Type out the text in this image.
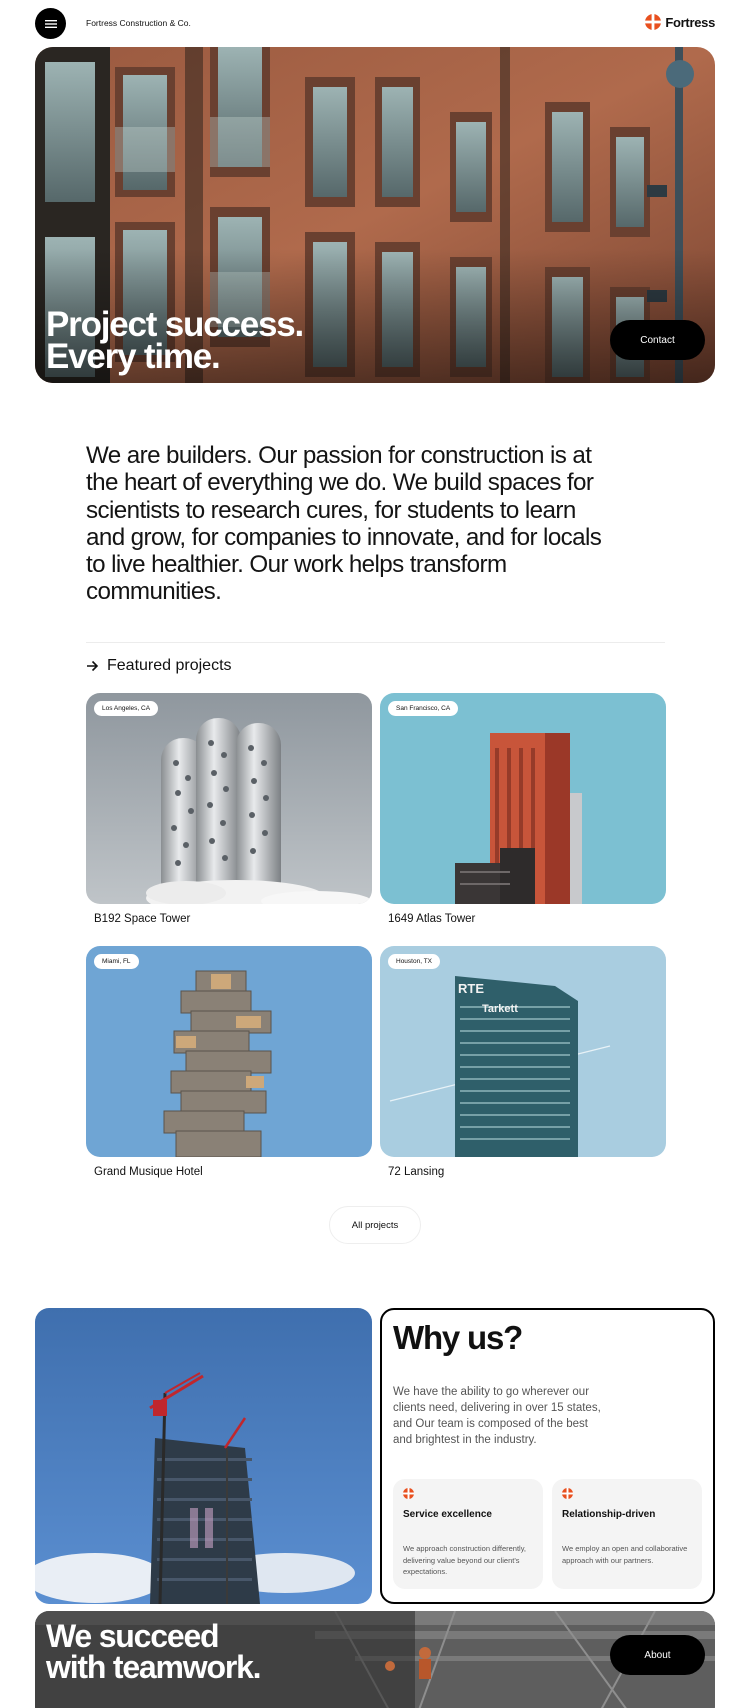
Fortress Construction & Co.	Fortress
Project success.
Every time.	Contact

We are builders. Our passion for construction is at the heart of everything we do. We build spaces for scientists to research cures, for students to learn and grow, for companies to innovate, and for locals to live healthier. Our work helps transform communities.

Featured projects
Los Angeles, CA
B192 Space Tower
San Francisco, CA
1649 Atlas Tower
Miami, FL
Grand Musique Hotel
RTE
Tarkett
Houston, TX
72 Lansing
All projects
Why us?

We have the ability to go wherever our clients need, delivering in over 15 states, and Our team is composed of the best and brightest in the industry.

Service excellence
We approach construction differently, delivering value beyond our client's expectations.
Relationship-driven
We employ an open and collaborative approach with our partners.
We succeed
with teamwork.	About
